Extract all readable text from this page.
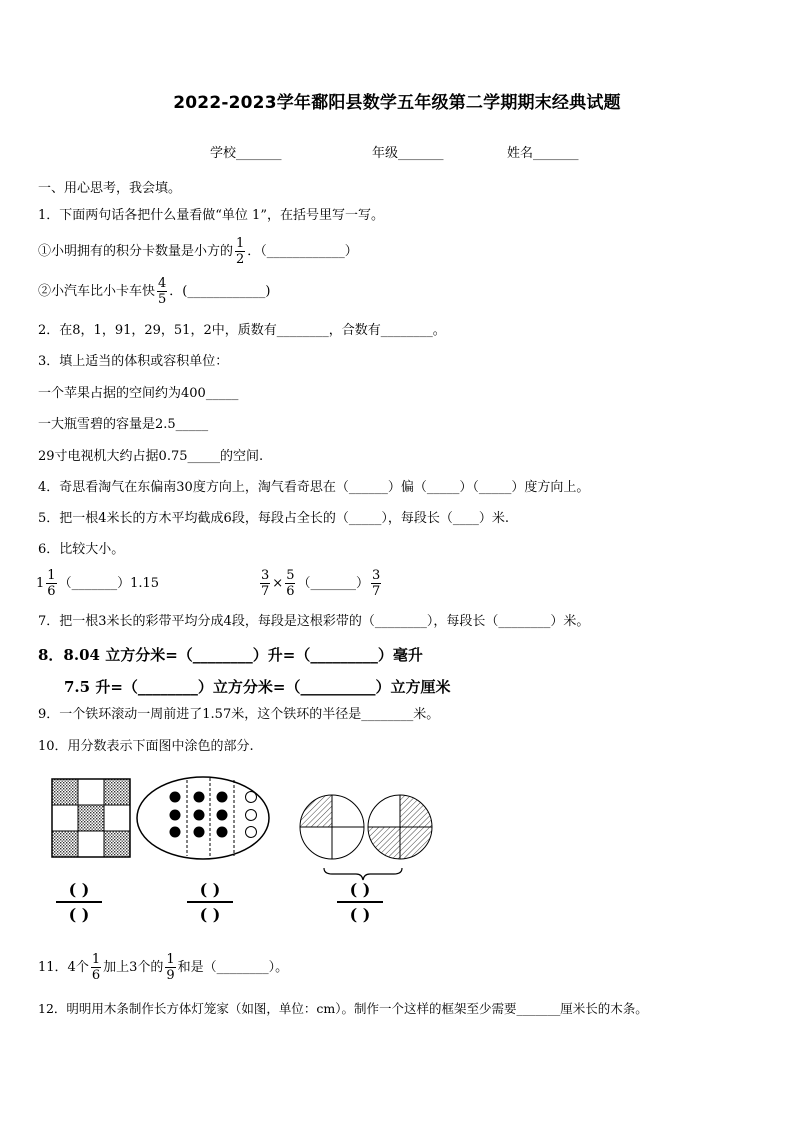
2022-2023学年鄱阳县数学五年级第二学期期末经典试题
学校_______	年级_______	姓名_______
一、用心思考，我会填。
1．下面两句话各把什么量看做“单位 1”，在括号里写一写。
①小明拥有的积分卡数量是小方的 $\frac{1}{2}$ ．（____________）
②小汽车比小卡车快 $\frac{4}{5}$ ．(____________)
2．在8，1，91，29，51，2中，质数有________，合数有________。
3．填上适当的体积或容积单位：
一个苹果占据的空间约为400_____
一大瓶雪碧的容量是2.5_____
29寸电视机大约占据0.75_____的空间.
4．奇思看淘气在东偏南30度方向上，淘气看奇思在（______）偏（_____）（_____）度方向上。
5．把一根4米长的方木平均截成6段，每段占全长的（_____），每段长（____）米.
6．比较大小。
$1 \frac{1}{6}$ （_______）1.15	$\frac{3}{7} \times \frac{5}{6}$ （_______） $\frac{3}{7}$
7．把一根3米长的彩带平均分成4段，每段是这根彩带的（________），每段长（________）米。
8．8.04 立方分米=（________）升=（_________）毫升
7.5 升=（________）立方分米=（__________）立方厘米
9．一个铁环滚动一周前进了1.57米，这个铁环的半径是________米。
10．用分数表示下面图中涂色的部分.
( )
( )
( )
( )
( )
( )
11．4个 $\frac{1}{6}$ 加上3个的 $\frac{1}{9}$ 和是（________）。
12．明明用木条制作长方体灯笼家（如图，单位：cm）。制作一个这样的框架至少需要_______厘米长的木条。
